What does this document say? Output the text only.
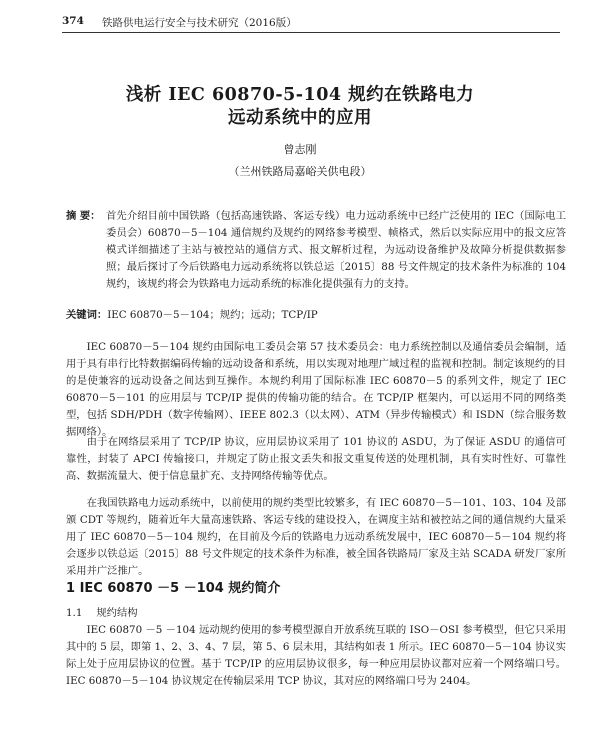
374 铁路供电运行安全与技术研究（2016版）
浅析 IEC 60870-5-104 规约在铁路电力
远动系统中的应用
曾志刚
（兰州铁路局嘉峪关供电段）
摘 要： 首先介绍目前中国铁路（包括高速铁路、客运专线）电力远动系统中已经广泛使用的 IEC（国际电工委员会）60870－5－104 通信规约及规约的网络参考模型、帧格式，然后以实际应用中的报文应答模式详细描述了主站与被控站的通信方式、报文解析过程，为远动设备维护及故障分析提供数据参照；最后探讨了今后铁路电力远动系统将以铁总运〔2015〕88 号文件规定的技术条件为标准的 104 规约，该规约将会为铁路电力远动系统的标准化提供强有力的支持。
关键词：IEC 60870－5－104；规约；远动；TCP/IP

IEC 60870－5－104 规约由国际电工委员会第 57 技术委员会：电力系统控制以及通信委员会编制，适用于具有串行比特数据编码传输的远动设备和系统，用以实现对地理广域过程的监视和控制。制定该规约的目的是使兼容的远动设备之间达到互操作。本规约利用了国际标准 IEC 60870－5 的系列文件，规定了 IEC 60870－5－101 的应用层与 TCP/IP 提供的传输功能的结合。在 TCP/IP 框架内，可以运用不同的网络类型，包括 SDH/PDH（数字传输网）、IEEE 802.3（以太网）、ATM（异步传输模式）和 ISDN（综合服务数据网络）。

由于在网络层采用了 TCP/IP 协议，应用层协议采用了 101 协议的 ASDU，为了保证 ASDU 的通信可靠性，封装了 APCI 传输接口，并规定了防止报文丢失和报文重复传送的处理机制，具有实时性好、可靠性高、数据流量大、便于信息量扩充、支持网络传输等优点。

在我国铁路电力远动系统中，以前使用的规约类型比较繁多，有 IEC 60870－5－101、103、104 及部颁 CDT 等规约，随着近年大量高速铁路、客运专线的建设投入，在调度主站和被控站之间的通信规约大量采用了 IEC 60870－5－104 规约，在目前及今后的铁路电力远动系统发展中，IEC 60870－5－104 规约将会逐步以铁总运〔2015〕88 号文件规定的技术条件为标准，被全国各铁路局厂家及主站 SCADA 研发厂家所采用并广泛推广。

1 IEC 60870 －5 －104 规约简介
1.1 规约结构

IEC 60870 －5 －104 远动规约使用的参考模型源自开放系统互联的 ISO－OSI 参考模型，但它只采用其中的 5 层，即第 1、2、3、4、7 层，第 5、6 层未用，其结构如表 1 所示。IEC 60870－5－104 协议实际上处于应用层协议的位置。基于 TCP/IP 的应用层协议很多，每一种应用层协议都对应着一个网络端口号。IEC 60870－5－104 协议规定在传输层采用 TCP 协议，其对应的网络端口号为 2404。
